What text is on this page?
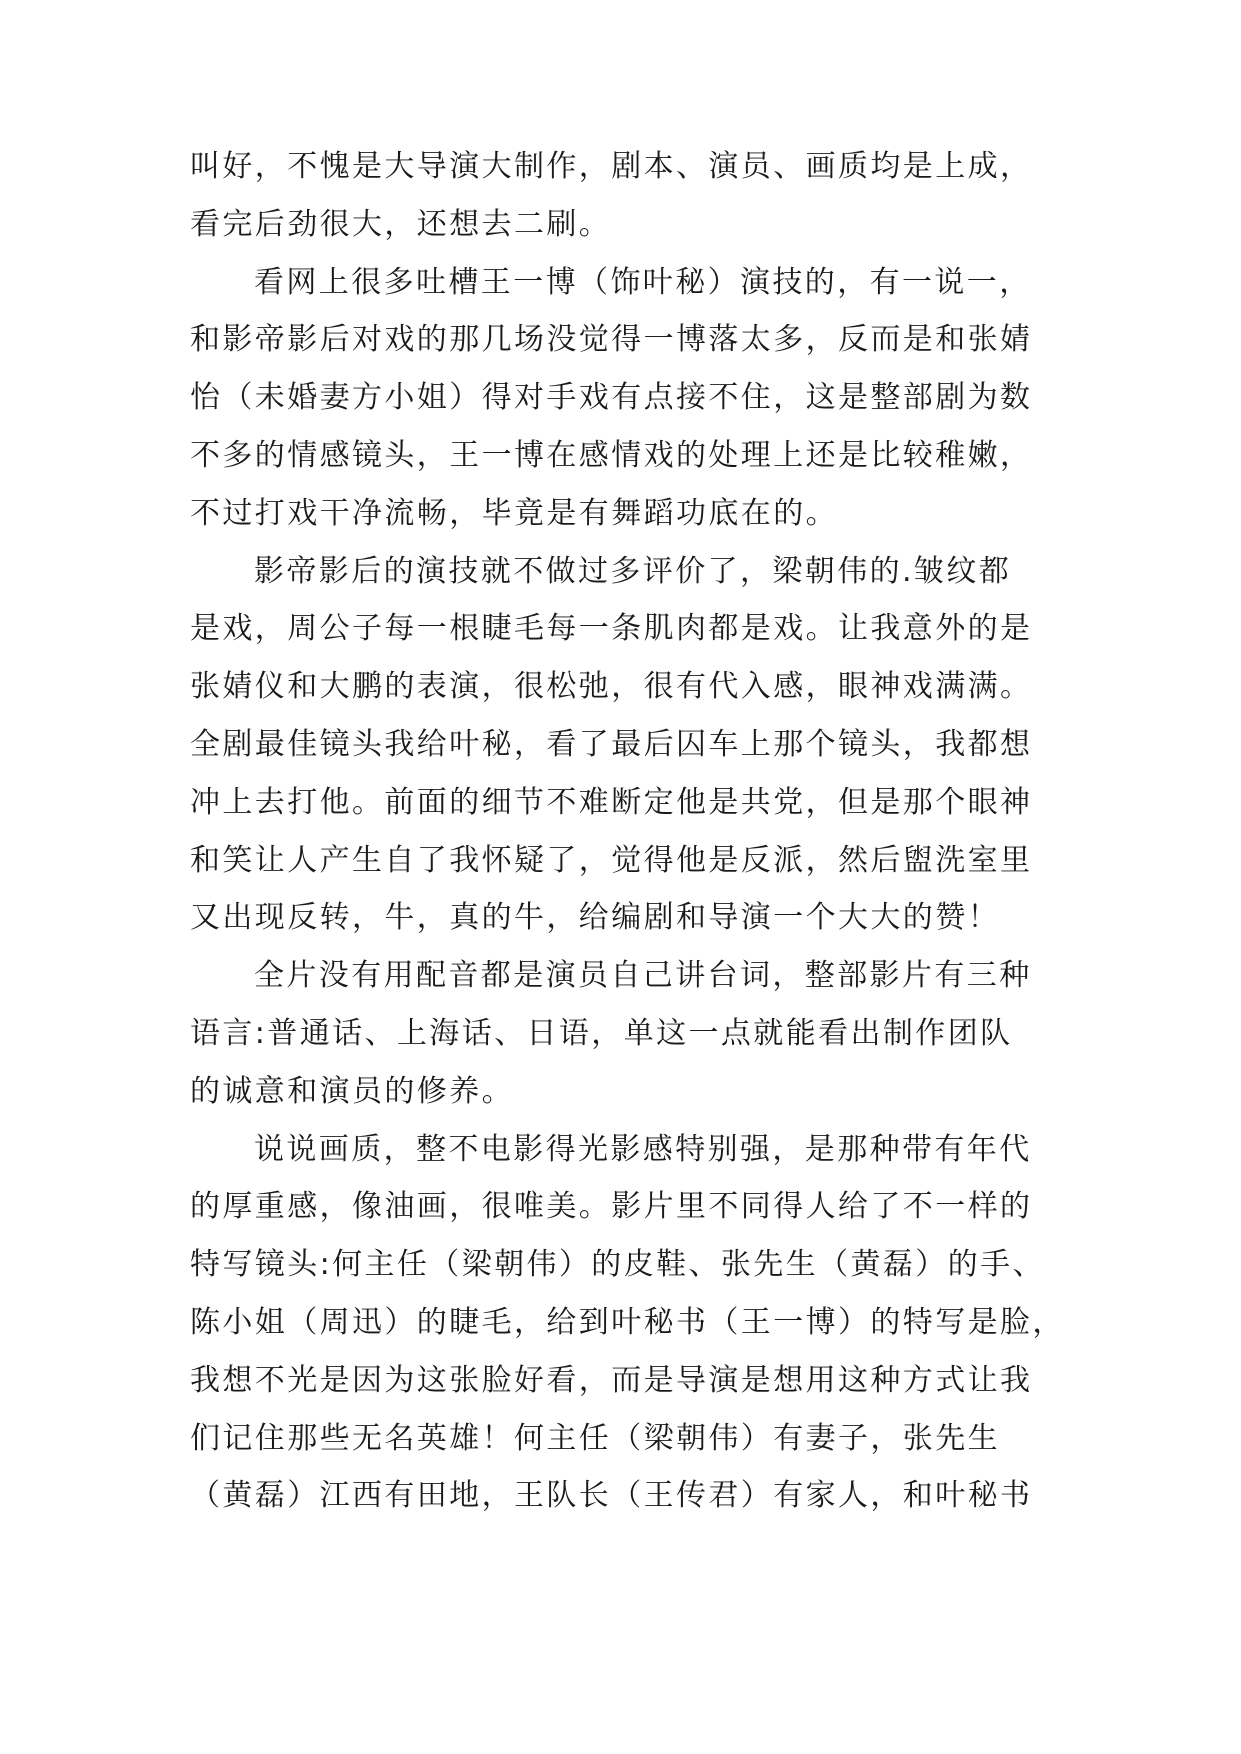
叫好，不愧是大导演大制作，剧本、演员、画质均是上成，
看完后劲很大，还想去二刷。
看网上很多吐槽王一博（饰叶秘）演技的，有一说一，
和影帝影后对戏的那几场没觉得一博落太多，反而是和张婧
怡（未婚妻方小姐）得对手戏有点接不住，这是整部剧为数
不多的情感镜头，王一博在感情戏的处理上还是比较稚嫩，
不过打戏干净流畅，毕竟是有舞蹈功底在的。
影帝影后的演技就不做过多评价了，梁朝伟的.皱纹都
是戏，周公子每一根睫毛每一条肌肉都是戏。让我意外的是
张婧仪和大鹏的表演，很松弛，很有代入感，眼神戏满满。
全剧最佳镜头我给叶秘，看了最后囚车上那个镜头，我都想
冲上去打他。前面的细节不难断定他是共党，但是那个眼神
和笑让人产生自了我怀疑了，觉得他是反派，然后盥洗室里
又出现反转，牛，真的牛，给编剧和导演一个大大的赞！
全片没有用配音都是演员自己讲台词，整部影片有三种
语言:普通话、上海话、日语，单这一点就能看出制作团队
的诚意和演员的修养。
说说画质，整不电影得光影感特别强，是那种带有年代
的厚重感，像油画，很唯美。影片里不同得人给了不一样的
特写镜头:何主任（梁朝伟）的皮鞋、张先生（黄磊）的手、
陈小姐（周迅）的睫毛，给到叶秘书（王一博）的特写是脸，
我想不光是因为这张脸好看，而是导演是想用这种方式让我
们记住那些无名英雄！何主任（梁朝伟）有妻子，张先生
（黄磊）江西有田地，王队长（王传君）有家人，和叶秘书
